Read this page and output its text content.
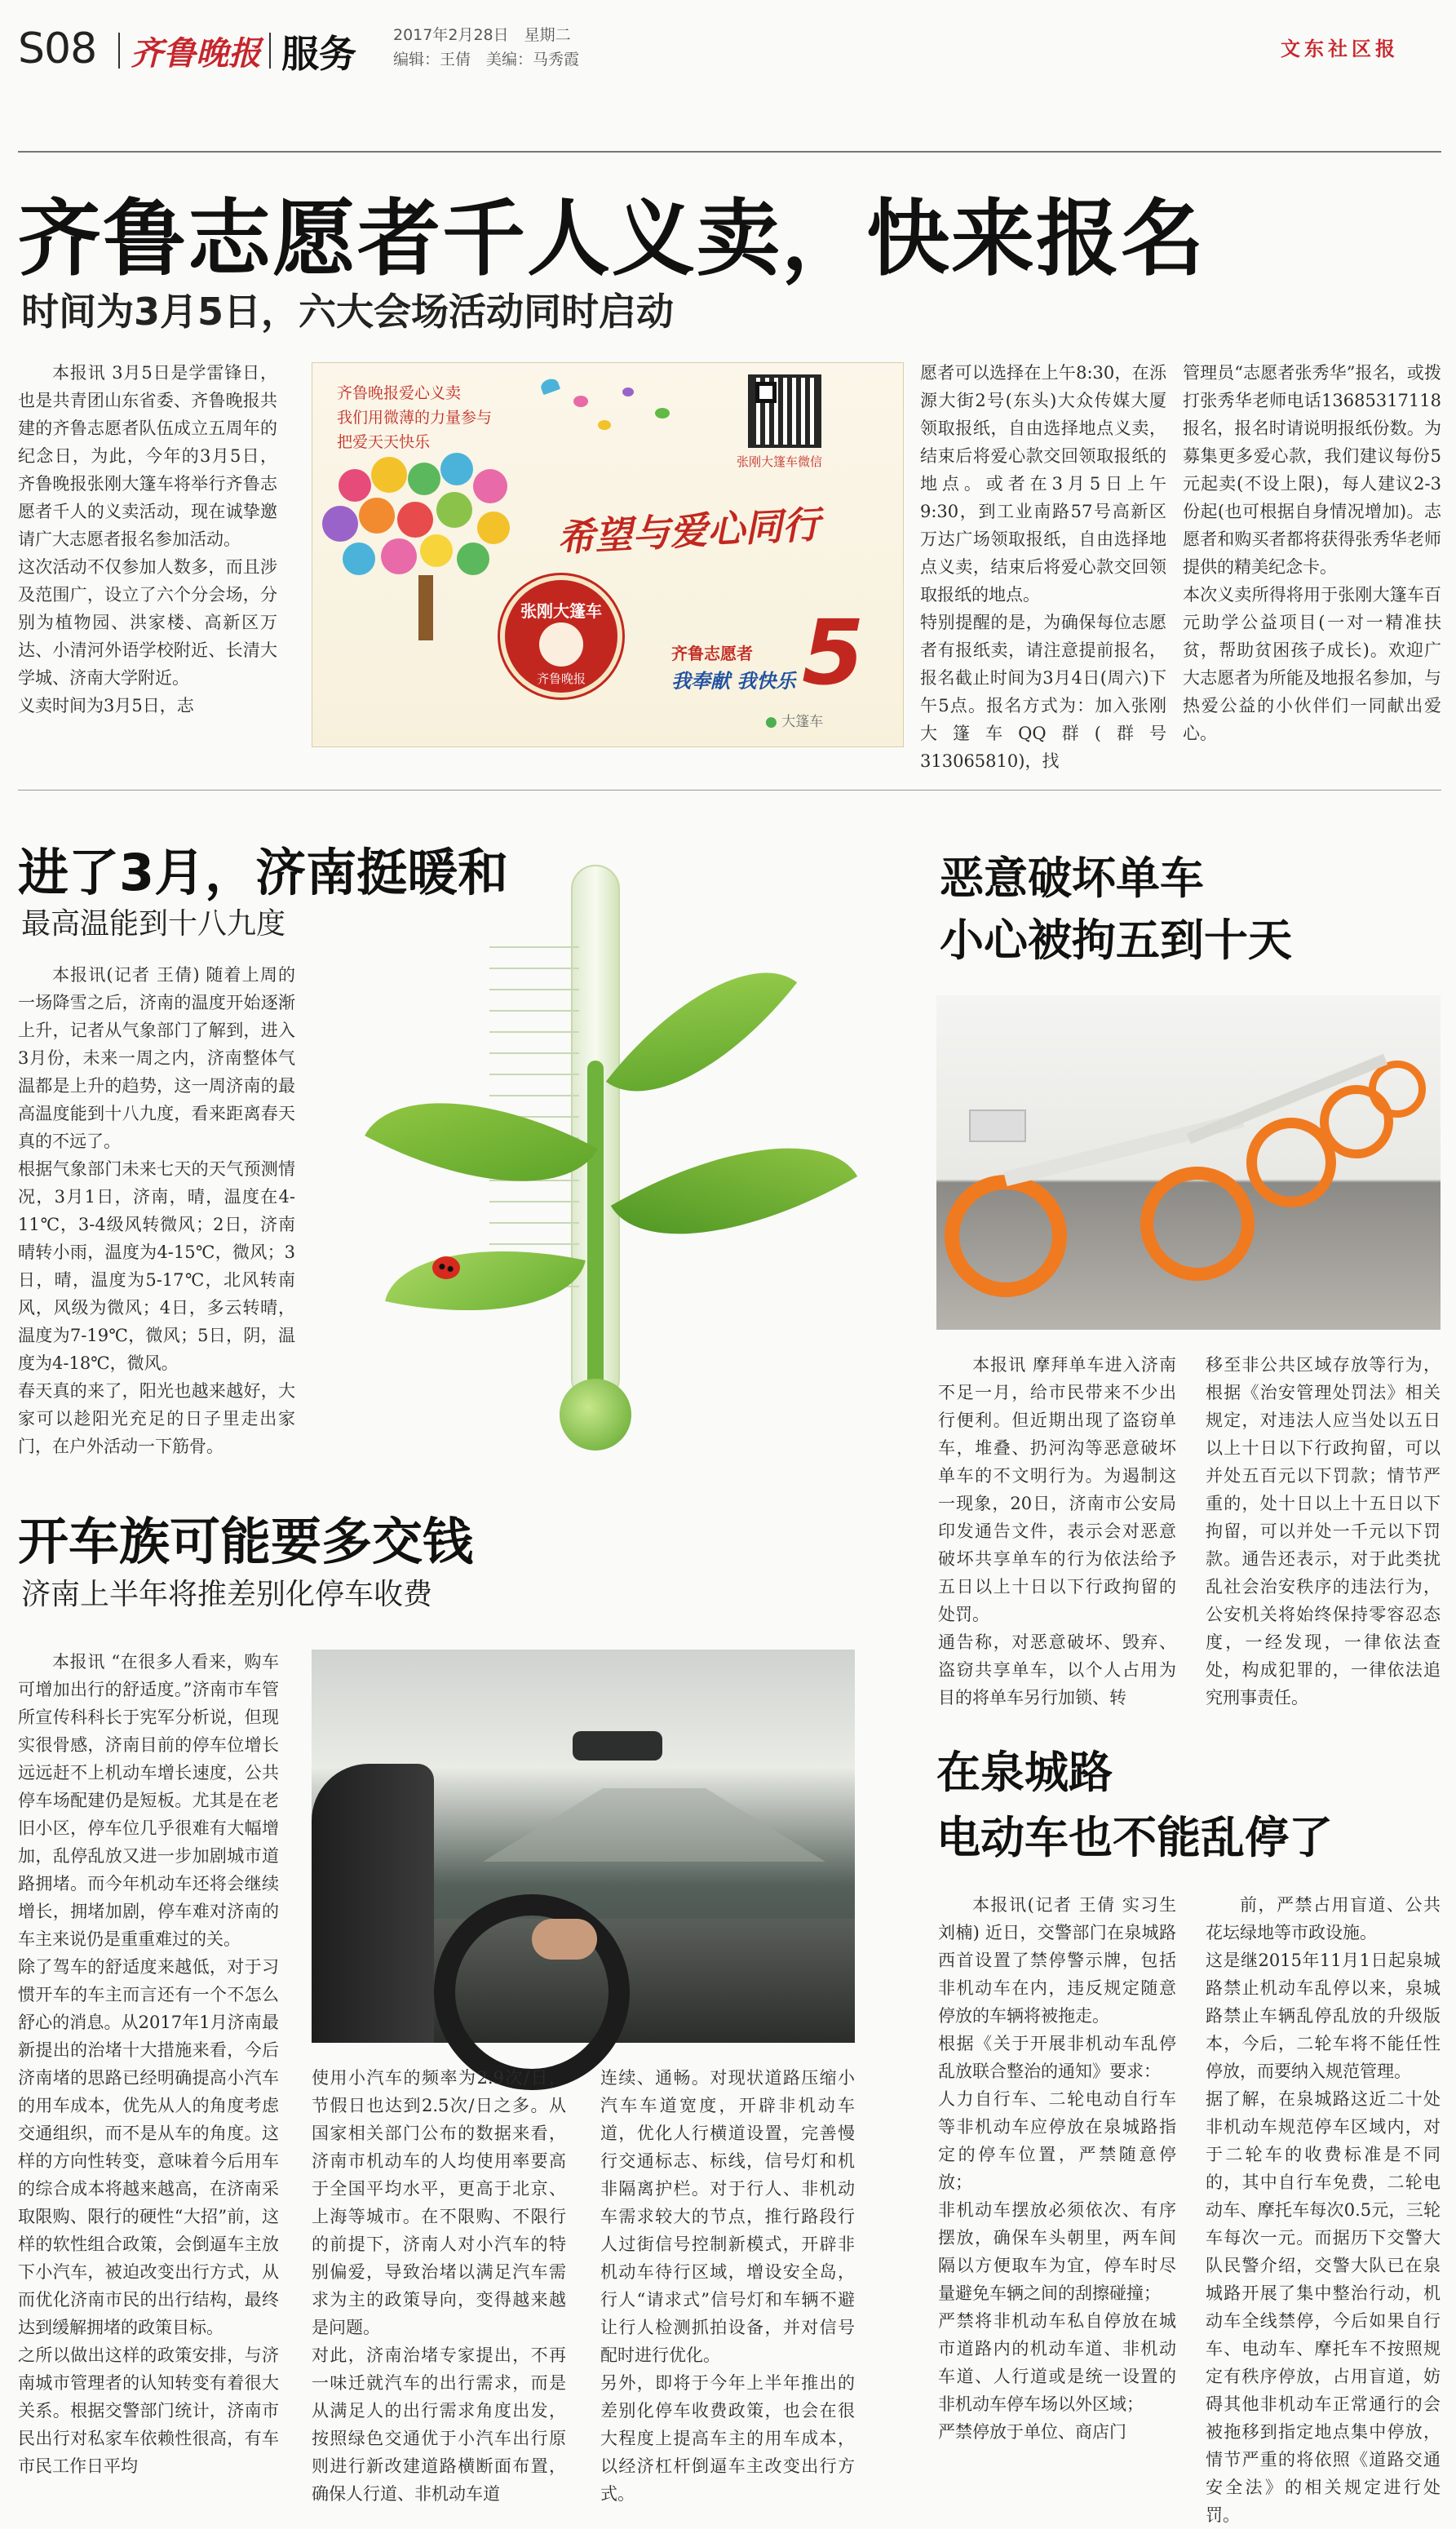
S08 齐鲁晚报 服务 2017年2月28日　 星期二
编辑：王倩　 美编：马秀霞	文东社区报
齐鲁志愿者千人义卖，快来报名
时间为3月5日，六大会场活动同时启动
本报讯 3月5日是学雷锋日，也是共青团山东省委、齐鲁晚报共建的齐鲁志愿者队伍成立五周年的纪念日，为此，今年的3月5日，齐鲁晚报张刚大篷车将举行齐鲁志愿者千人的义卖活动，现在诚挚邀请广大志愿者报名参加活动。
这次活动不仅参加人数多，而且涉及范围广，设立了六个分会场，分别为植物园、洪家楼、高新区万达、小清河外语学校附近、长清大学城、济南大学附近。
义卖时间为3月5日，志
齐鲁晚报爱心义卖
我们用微薄的力量参与
把爱天天快乐
张刚大篷车微信
希望与爱心同行
张刚大篷车
齐鲁晚报
齐鲁志愿者
我奉献 我快乐 5
● 大篷车
愿者可以选择在上午8:30，在泺源大街2号(东头)大众传媒大厦领取报纸，自由选择地点义卖，结束后将爱心款交回领取报纸的地点。或者在3月5日上午9:30，到工业南路57号高新区万达广场领取报纸，自由选择地点义卖，结束后将爱心款交回领取报纸的地点。
特别提醒的是，为确保每位志愿者有报纸卖，请注意提前报名，报名截止时间为3月4日(周六)下午5点。报名方式为：加入张刚大篷车QQ群(群号313065810)，找
管理员“志愿者张秀华”报名，或拨打张秀华老师电话13685317118报名，报名时请说明报纸份数。为募集更多爱心款，我们建议每份5元起卖(不设上限)，每人建议2-3份起(也可根据自身情况增加)。志愿者和购买者都将获得张秀华老师提供的精美纪念卡。
本次义卖所得将用于张刚大篷车百元助学公益项目(一对一精准扶贫，帮助贫困孩子成长)。欢迎广大志愿者为所能及地报名参加，与热爱公益的小伙伴们一同献出爱心。
进了3月，济南挺暖和
最高温能到十八九度
本报讯(记者 王倩) 随着上周的一场降雪之后，济南的温度开始逐渐上升，记者从气象部门了解到，进入3月份，未来一周之内，济南整体气温都是上升的趋势，这一周济南的最高温度能到十八九度，看来距离春天真的不远了。
根据气象部门未来七天的天气预测情况，3月1日，济南，晴，温度在4-11℃，3-4级风转微风；2日，济南晴转小雨，温度为4-15℃，微风；3日，晴，温度为5-17℃，北风转南风，风级为微风；4日，多云转晴，温度为7-19℃，微风；5日，阴，温度为4-18℃，微风。
春天真的来了，阳光也越来越好，大家可以趁阳光充足的日子里走出家门，在户外活动一下筋骨。
开车族可能要多交钱
济南上半年将推差别化停车收费
本报讯 “在很多人看来，购车可增加出行的舒适度。”济南市车管所宣传科科长于宪军分析说，但现实很骨感，济南目前的停车位增长远远赶不上机动车增长速度，公共停车场配建仍是短板。尤其是在老旧小区，停车位几乎很难有大幅增加，乱停乱放又进一步加剧城市道路拥堵。而今年机动车还将会继续增长，拥堵加剧，停车难对济南的车主来说仍是重重难过的关。
除了驾车的舒适度来越低，对于习惯开车的车主而言还有一个不怎么舒心的消息。从2017年1月济南最新提出的治堵十大措施来看，今后济南堵的思路已经明确提高小汽车的用车成本，优先从人的角度考虑交通组织，而不是从车的角度。这样的方向性转变，意味着今后用车的综合成本将越来越高，在济南采取限购、限行的硬性“大招”前，这样的软性组合政策，会倒逼车主放下小汽车，被迫改变出行方式，从而优化济南市民的出行结构，最终达到缓解拥堵的政策目标。
之所以做出这样的政策安排，与济南城市管理者的认知转变有着很大关系。根据交警部门统计，济南市民出行对私家车依赖性很高，有车市民工作日平均
使用小汽车的频率为2.9次/日，节假日也达到2.5次/日之多。从国家相关部门公布的数据来看，济南市机动车的人均使用率要高于全国平均水平，更高于北京、上海等城市。在不限购、不限行的前提下，济南人对小汽车的特别偏爱，导致治堵以满足汽车需求为主的政策导向，变得越来越是问题。
对此，济南治堵专家提出，不再一味迁就汽车的出行需求，而是从满足人的出行需求角度出发，按照绿色交通优于小汽车出行原则进行新改建道路横断面布置，确保人行道、非机动车道
连续、通畅。对现状道路压缩小汽车车道宽度，开辟非机动车道，优化人行横道设置，完善慢行交通标志、标线，信号灯和机非隔离护栏。对于行人、非机动车需求较大的节点，推行路段行人过街信号控制新模式，开辟非机动车待行区域，增设安全岛，行人“请求式”信号灯和车辆不避让行人检测抓拍设备，并对信号配时进行优化。
另外，即将于今年上半年推出的差别化停车收费政策，也会在很大程度上提高车主的用车成本，以经济杠杆倒逼车主改变出行方式。
恶意破坏单车
小心被拘五到十天
本报讯 摩拜单车进入济南不足一月，给市民带来不少出行便利。但近期出现了盗窃单车，堆叠、扔河沟等恶意破坏单车的不文明行为。为遏制这一现象，20日，济南市公安局印发通告文件，表示会对恶意破坏共享单车的行为依法给予五日以上十日以下行政拘留的处罚。
通告称，对恶意破坏、毁弃、盗窃共享单车，以个人占用为目的将单车另行加锁、转
移至非公共区域存放等行为，根据《治安管理处罚法》相关规定，对违法人应当处以五日以上十日以下行政拘留，可以并处五百元以下罚款；情节严重的，处十日以上十五日以下拘留，可以并处一千元以下罚款。通告还表示，对于此类扰乱社会治安秩序的违法行为，公安机关将始终保持零容忍态度，一经发现，一律依法查处，构成犯罪的，一律依法追究刑事责任。
在泉城路
电动车也不能乱停了
本报讯(记者 王倩 实习生 刘楠) 近日，交警部门在泉城路西首设置了禁停警示牌，包括非机动车在内，违反规定随意停放的车辆将被拖走。
根据《关于开展非机动车乱停乱放联合整治的通知》要求：
人力自行车、二轮电动自行车等非机动车应停放在泉城路指定的停车位置，严禁随意停放；
非机动车摆放必须依次、有序摆放，确保车头朝里，两车间隔以方便取车为宜，停车时尽量避免车辆之间的刮擦碰撞；
严禁将非机动车私自停放在城市道路内的机动车道、非机动车道、人行道或是统一设置的非机动车停车场以外区域；
严禁停放于单位、商店门
前，严禁占用盲道、公共花坛绿地等市政设施。
这是继2015年11月1日起泉城路禁止机动车乱停以来，泉城路禁止车辆乱停乱放的升级版本，今后，二轮车将不能任性停放，而要纳入规范管理。
据了解，在泉城路这近二十处非机动车规范停车区域内，对于二轮车的收费标准是不同的，其中自行车免费，二轮电动车、摩托车每次0.5元，三轮车每次一元。而据历下交警大队民警介绍，交警大队已在泉城路开展了集中整治行动，机动车全线禁停，今后如果自行车、电动车、摩托车不按照规定有秩序停放，占用盲道，妨碍其他非机动车正常通行的会被拖移到指定地点集中停放，情节严重的将依照《道路交通安全法》的相关规定进行处罚。
